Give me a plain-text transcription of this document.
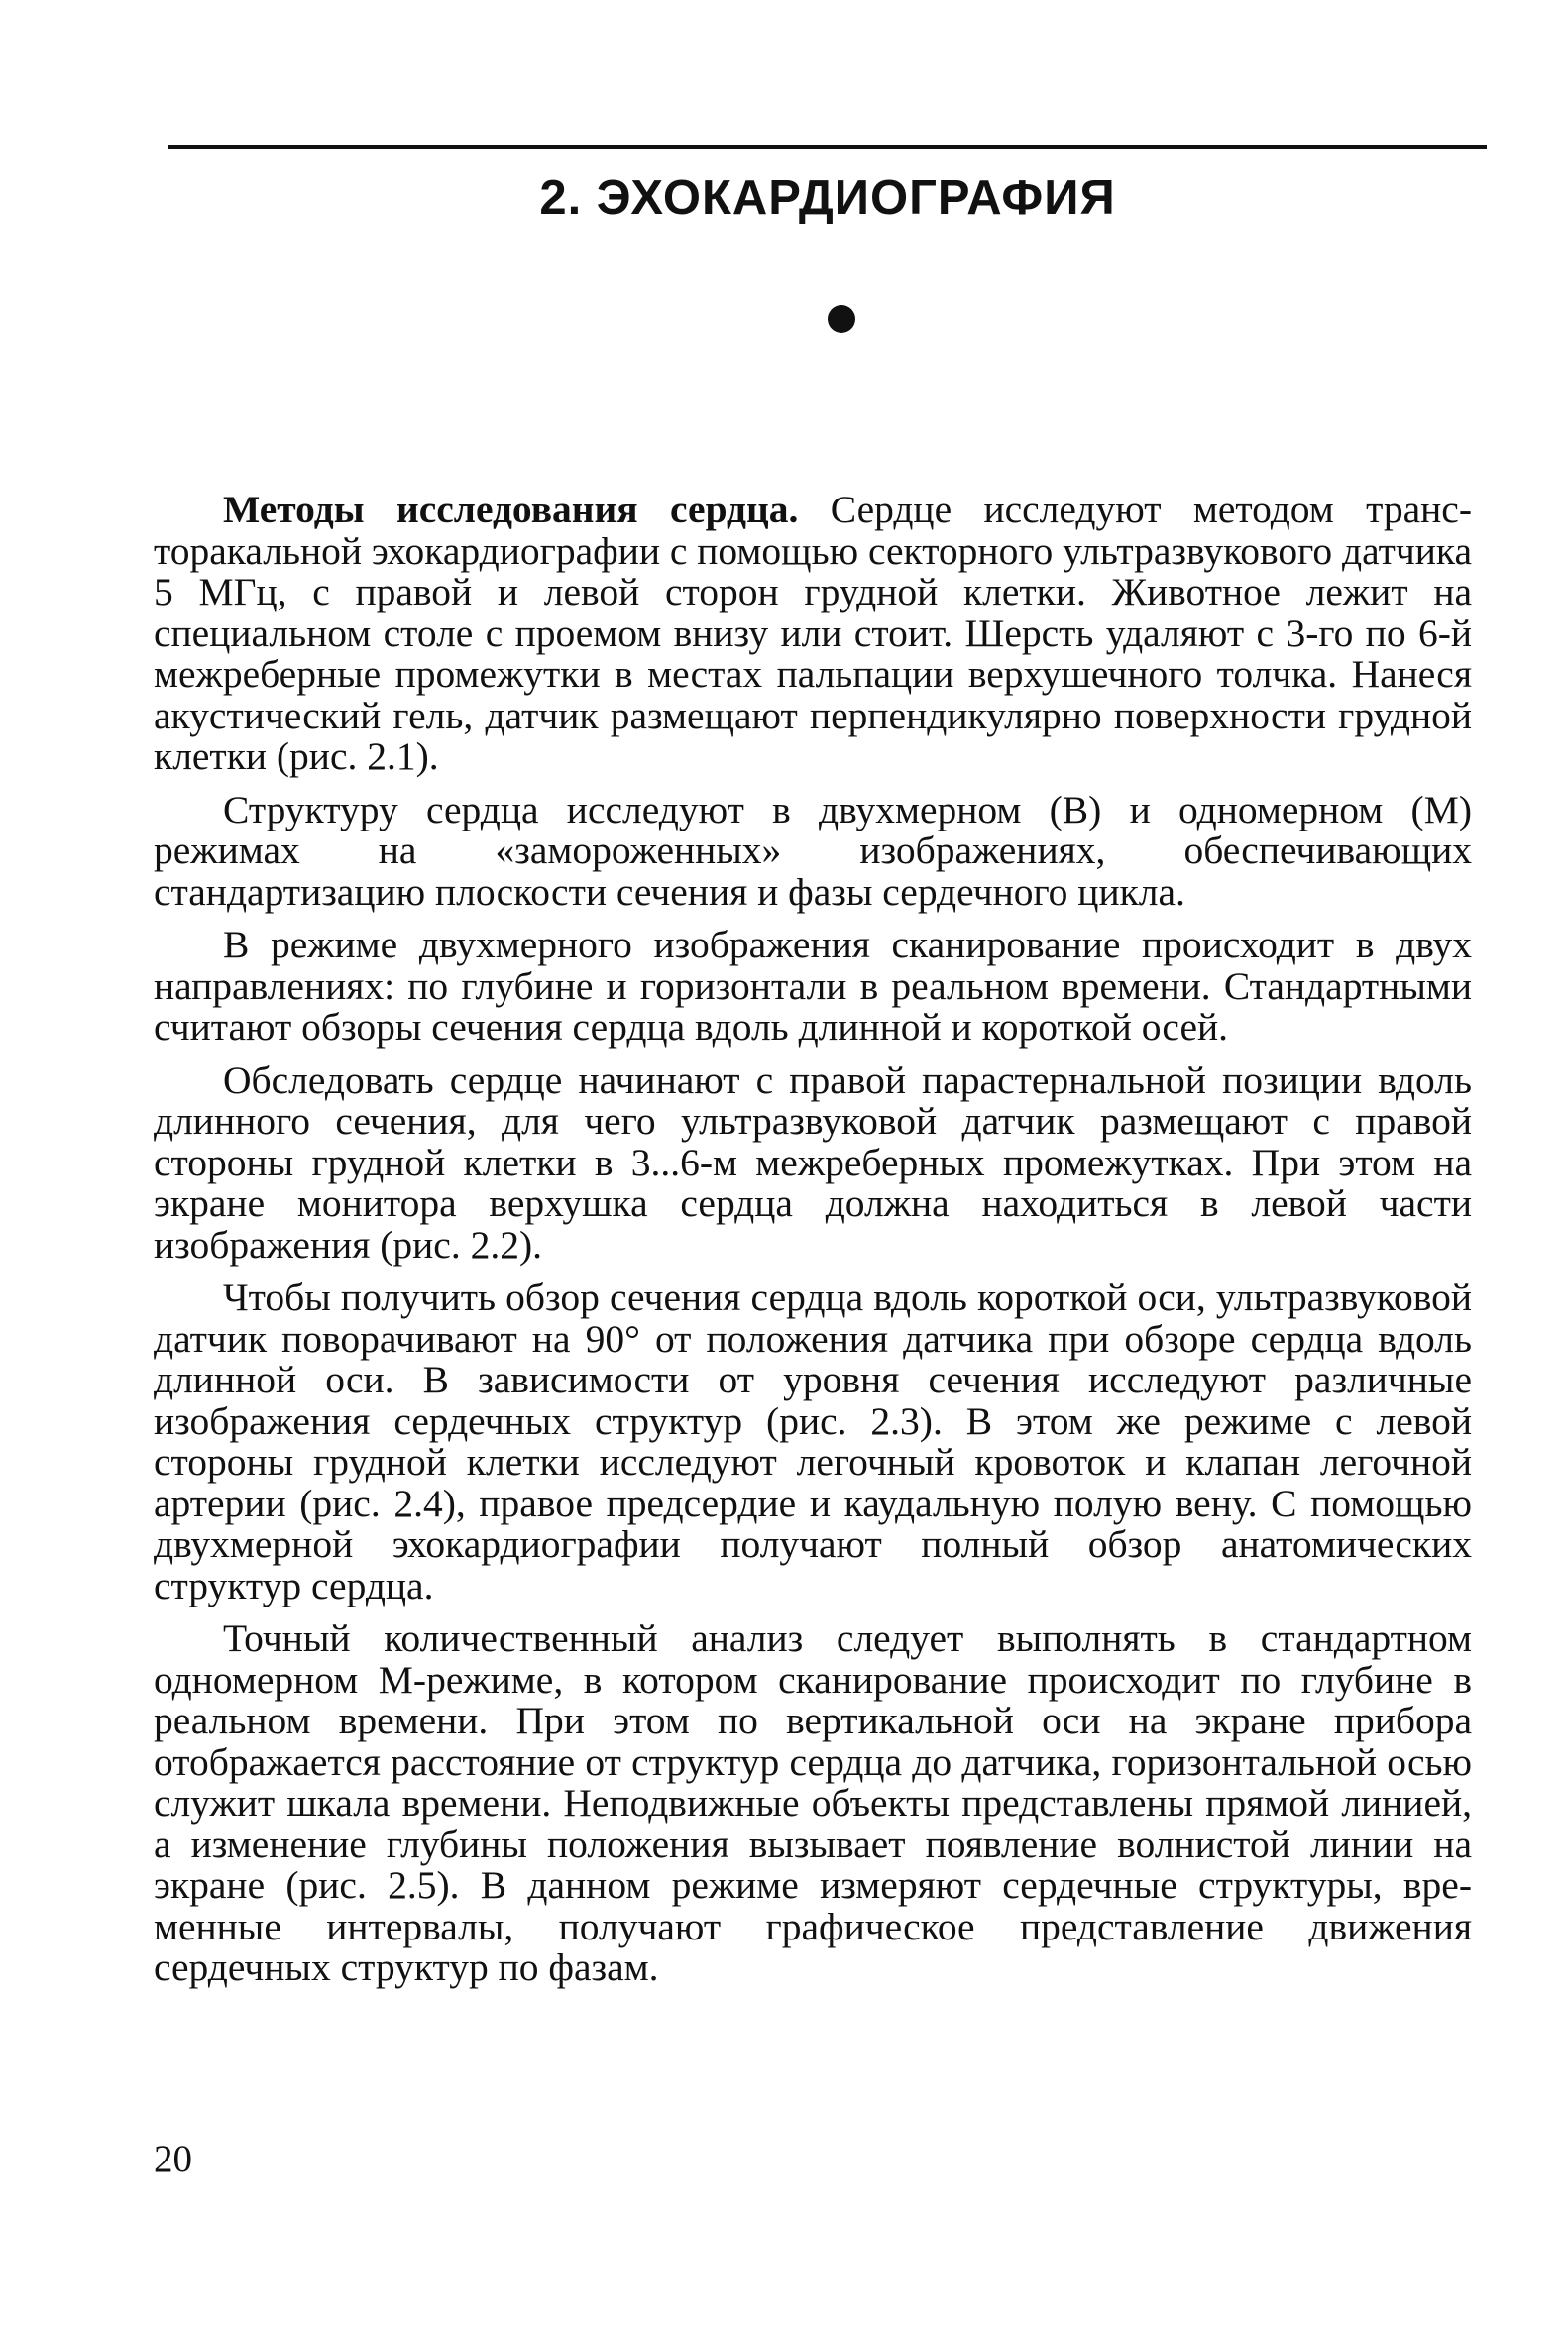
2. ЭХОКАРДИОГРАФИЯ

Методы исследования сердца. Сердце исследуют методом трансторакальной эхокардиографии с помощью секторного ультразвукового датчика 5 МГц, с правой и левой сторон грудной клетки. Животное лежит на специальном столе с проемом внизу или стоит. Шерсть удаляют с 3-го по 6-й межреберные промежутки в местах пальпации верхушечного толчка. Нанеся акустический гель, датчик размещают перпендикулярно поверхности грудной клетки (рис. 2.1).

Структуру сердца исследуют в двухмерном (В) и одномерном (М) режимах на «замороженных» изображениях, обеспечивающих стандартизацию плоскости сечения и фазы сердечного цикла.

В режиме двухмерного изображения сканирование происходит в двух направлениях: по глубине и горизонтали в реальном времени. Стандартными считают обзоры сечения сердца вдоль длинной и короткой осей.

Обследовать сердце начинают с правой парастернальной позиции вдоль длинного сечения, для чего ультразвуковой датчик размещают с правой стороны грудной клетки в 3...6-м межреберных промежутках. При этом на экране монитора верхушка сердца должна находиться в левой части изображения (рис. 2.2).

Чтобы получить обзор сечения сердца вдоль короткой оси, ультразвуковой датчик поворачивают на 90° от положения датчика при обзоре сердца вдоль длинной оси. В зависимости от уровня сечения исследуют различные изображения сердечных структур (рис. 2.3). В этом же режиме с левой стороны грудной клетки исследуют легочный кровоток и клапан легочной артерии (рис. 2.4), правое предсердие и каудальную полую вену. С помощью двухмерной эхокардиографии получают полный обзор анатомических структур сердца.

Точный количественный анализ следует выполнять в стандартном одномерном М-режиме, в котором сканирование происходит по глубине в реальном времени. При этом по вертикальной оси на экране прибора отображается расстояние от структур сердца до датчика, горизонтальной осью служит шкала времени. Неподвижные объекты представлены прямой линией, а изменение глубины положения вызывает появление волнистой линии на экране (рис. 2.5). В данном режиме измеряют сердечные структуры, временные интервалы, получают графическое представление движения сердечных структур по фазам.

20
